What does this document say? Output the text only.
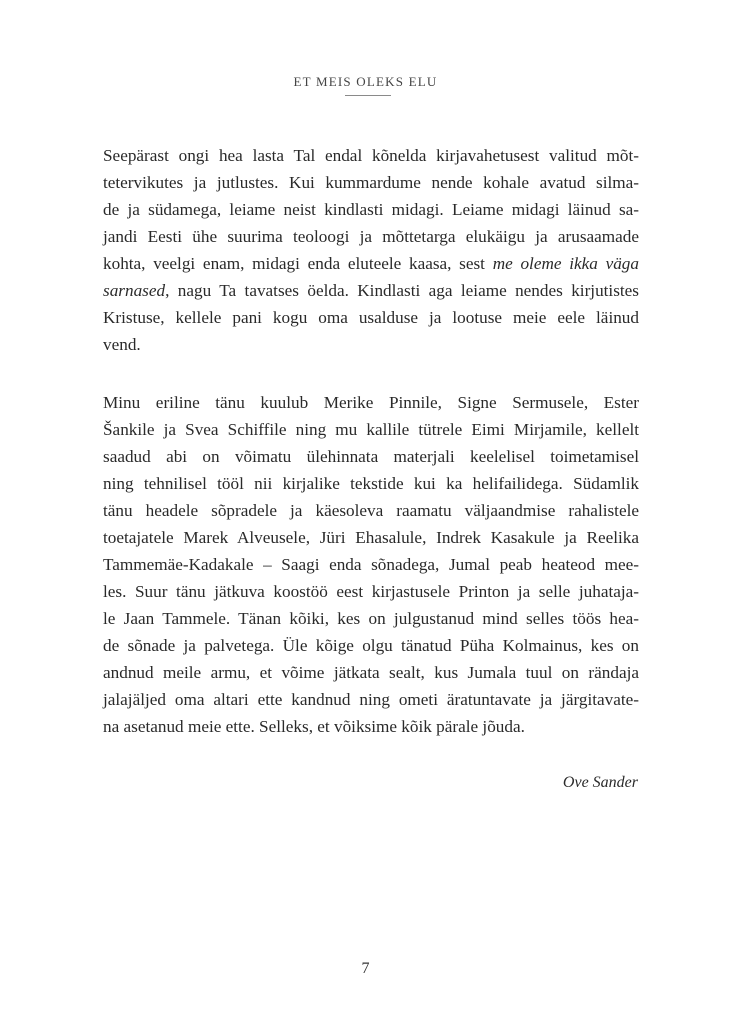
ET MEIS OLEKS ELU
Seepärast ongi hea lasta Tal endal kõnelda kirjavahetusest valitud mõt-
tetervikutes ja jutlustes. Kui kummardume nende kohale avatud silma-
de ja südamega, leiame neist kindlasti midagi. Leiame midagi läinud sa-
jandi Eesti ühe suurima teoloogi ja mõttetarga elukäigu ja arusaamade
kohta, veelgi enam, midagi enda eluteele kaasa, sest me oleme ikka väga
sarnased, nagu Ta tavatses öelda. Kindlasti aga leiame nendes kirjutistes
Kristuse, kellele pani kogu oma usalduse ja lootuse meie eele läinud
vend.
Minu eriline tänu kuulub Merike Pinnile, Signe Sermusele, Ester
Šankile ja Svea Schiffile ning mu kallile tütrele Eimi Mirjamile, kellelt
saadud abi on võimatu ülehinnata materjali keelelisel toimetamisel
ning tehnilisel tööl nii kirjalike tekstide kui ka helifailidega. Südamlik
tänu headele sõpradele ja käesoleva raamatu väljaandmise rahalistele
toetajatele Marek Alveusele, Jüri Ehasalule, Indrek Kasakule ja Reelika
Tammemäe-Kadakale – Saagi enda sõnadega, Jumal peab heateod mee-
les. Suur tänu jätkuva koostöö eest kirjastusele Printon ja selle juhataja-
le Jaan Tammele. Tänan kõiki, kes on julgustanud mind selles töös hea-
de sõnade ja palvetega. Üle kõige olgu tänatud Püha Kolmainus, kes on
andnud meile armu, et võime jätkata sealt, kus Jumala tuul on rändaja
jalajäljed oma altari ette kandnud ning ometi äratuntavate ja järgitavate-
na asetanud meie ette. Selleks, et võiksime kõik pärale jõuda.
Ove Sander
7
